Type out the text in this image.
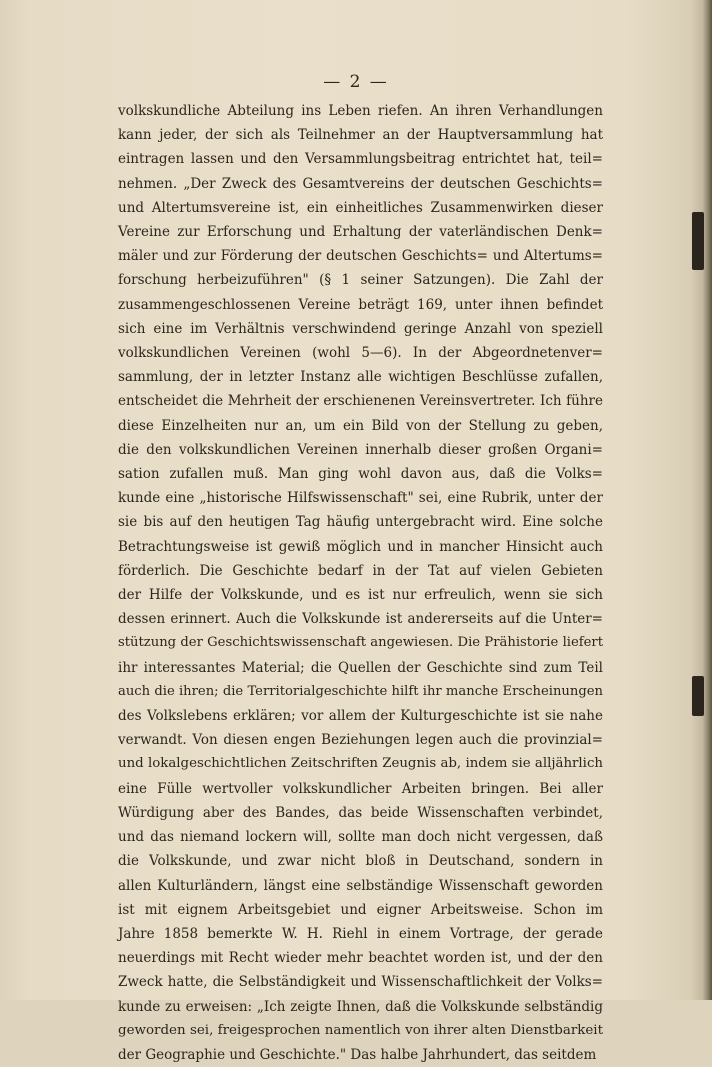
— 2 —
volkskundliche Abteilung ins Leben riefen. An ihren Verhandlungen
kann jeder, der sich als Teilnehmer an der Hauptversammlung hat
eintragen lassen und den Versammlungsbeitrag entrichtet hat, teil=
nehmen. „Der Zweck des Gesamtvereins der deutschen Geschichts=
und Altertumsvereine ist, ein einheitliches Zusammenwirken dieser
Vereine zur Erforschung und Erhaltung der vaterländischen Denk=
mäler und zur Förderung der deutschen Geschichts= und Altertums=
forschung herbeizuführen" (§ 1 seiner Satzungen). Die Zahl der
zusammengeschlossenen Vereine beträgt 169, unter ihnen befindet
sich eine im Verhältnis verschwindend geringe Anzahl von speziell
volkskundlichen Vereinen (wohl 5—6). In der Abgeordnetenver=
sammlung, der in letzter Instanz alle wichtigen Beschlüsse zufallen,
entscheidet die Mehrheit der erschienenen Vereinsvertreter. Ich führe
diese Einzelheiten nur an, um ein Bild von der Stellung zu geben,
die den volkskundlichen Vereinen innerhalb dieser großen Organi=
sation zufallen muß. Man ging wohl davon aus, daß die Volks=
kunde eine „historische Hilfswissenschaft" sei, eine Rubrik, unter der
sie bis auf den heutigen Tag häufig untergebracht wird. Eine solche
Betrachtungsweise ist gewiß möglich und in mancher Hinsicht auch
förderlich. Die Geschichte bedarf in der Tat auf vielen Gebieten
der Hilfe der Volkskunde, und es ist nur erfreulich, wenn sie sich
dessen erinnert. Auch die Volkskunde ist andererseits auf die Unter=
stützung der Geschichtswissenschaft angewiesen. Die Prähistorie liefert
ihr interessantes Material; die Quellen der Geschichte sind zum Teil
auch die ihren; die Territorialgeschichte hilft ihr manche Erscheinungen
des Volkslebens erklären; vor allem der Kulturgeschichte ist sie nahe
verwandt. Von diesen engen Beziehungen legen auch die provinzial=
und lokalgeschichtlichen Zeitschriften Zeugnis ab, indem sie alljährlich
eine Fülle wertvoller volkskundlicher Arbeiten bringen. Bei aller
Würdigung aber des Bandes, das beide Wissenschaften verbindet,
und das niemand lockern will, sollte man doch nicht vergessen, daß
die Volkskunde, und zwar nicht bloß in Deutschand, sondern in
allen Kulturländern, längst eine selbständige Wissenschaft geworden
ist mit eignem Arbeitsgebiet und eigner Arbeitsweise. Schon im
Jahre 1858 bemerkte W. H. Riehl in einem Vortrage, der gerade
neuerdings mit Recht wieder mehr beachtet worden ist, und der den
Zweck hatte, die Selbständigkeit und Wissenschaftlichkeit der Volks=
kunde zu erweisen: „Ich zeigte Ihnen, daß die Volkskunde selbständig
geworden sei, freigesprochen namentlich von ihrer alten Dienstbarkeit
der Geographie und Geschichte." Das halbe Jahrhundert, das seitdem
